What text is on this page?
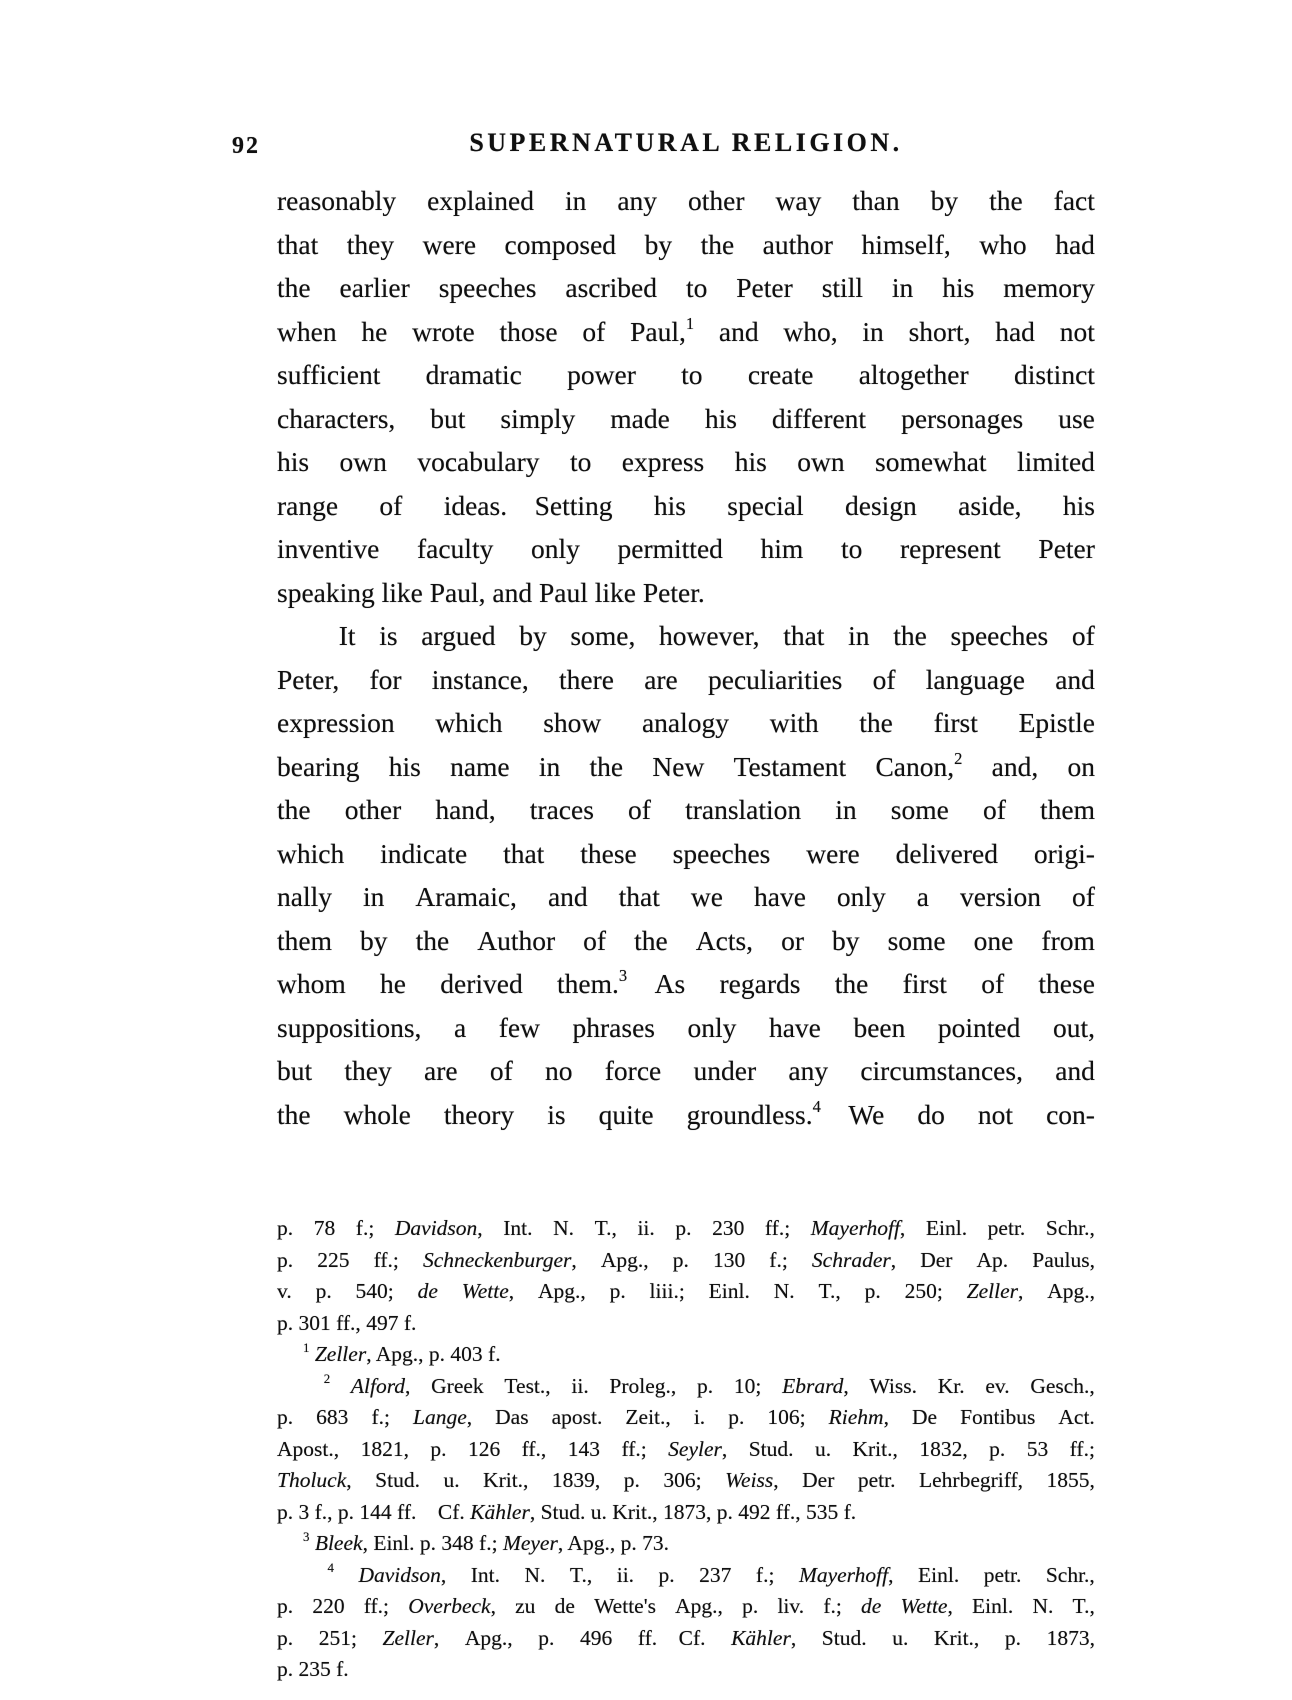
92	SUPERNATURAL RELIGION.
reasonably explained in any other way than by the fact
that they were composed by the author himself, who had
the earlier speeches ascribed to Peter still in his memory
when he wrote those of Paul,$^1$ and who, in short, had not
sufficient dramatic power to create altogether distinct
characters, but simply made his different personages use
his own vocabulary to express his own somewhat limited
range of ideas. Setting his special design aside, his
inventive faculty only permitted him to represent Peter
speaking like Paul, and Paul like Peter.
It is argued by some, however, that in the speeches of
Peter, for instance, there are peculiarities of language and
expression which show analogy with the first Epistle
bearing his name in the New Testament Canon,$^2$ and, on
the other hand, traces of translation in some of them
which indicate that these speeches were delivered origi-
nally in Aramaic, and that we have only a version of
them by the Author of the Acts, or by some one from
whom he derived them.$^3$ As regards the first of these
suppositions, a few phrases only have been pointed out,
but they are of no force under any circumstances, and
the whole theory is quite groundless.$^4$ We do not con-
p. 78 f.; Davidson, Int. N. T., ii. p. 230 ff.; Mayerhoff, Einl. petr. Schr.,
p. 225 ff.; Schneckenburger, Apg., p. 130 f.; Schrader, Der Ap. Paulus,
v. p. 540; de Wette, Apg., p. liii.; Einl. N. T., p. 250; Zeller, Apg.,
p. 301 ff., 497 f.
$^1$ Zeller, Apg., p. 403 f.
$^2$ Alford, Greek Test., ii. Proleg., p. 10; Ebrard, Wiss. Kr. ev. Gesch.,
p. 683 f.; Lange, Das apost. Zeit., i. p. 106; Riehm, De Fontibus Act.
Apost., 1821, p. 126 ff., 143 ff.; Seyler, Stud. u. Krit., 1832, p. 53 ff.;
Tholuck, Stud. u. Krit., 1839, p. 306; Weiss, Der petr. Lehrbegriff, 1855,
p. 3 f., p. 144 ff. Cf. Kähler, Stud. u. Krit., 1873, p. 492 ff., 535 f.
$^3$ Bleek, Einl. p. 348 f.; Meyer, Apg., p. 73.
$^4$ Davidson, Int. N. T., ii. p. 237 f.; Mayerhoff, Einl. petr. Schr.,
p. 220 ff.; Overbeck, zu de Wette's Apg., p. liv. f.; de Wette, Einl. N. T.,
p. 251; Zeller, Apg., p. 496 ff. Cf. Kähler, Stud. u. Krit., p. 1873,
p. 235 f.
